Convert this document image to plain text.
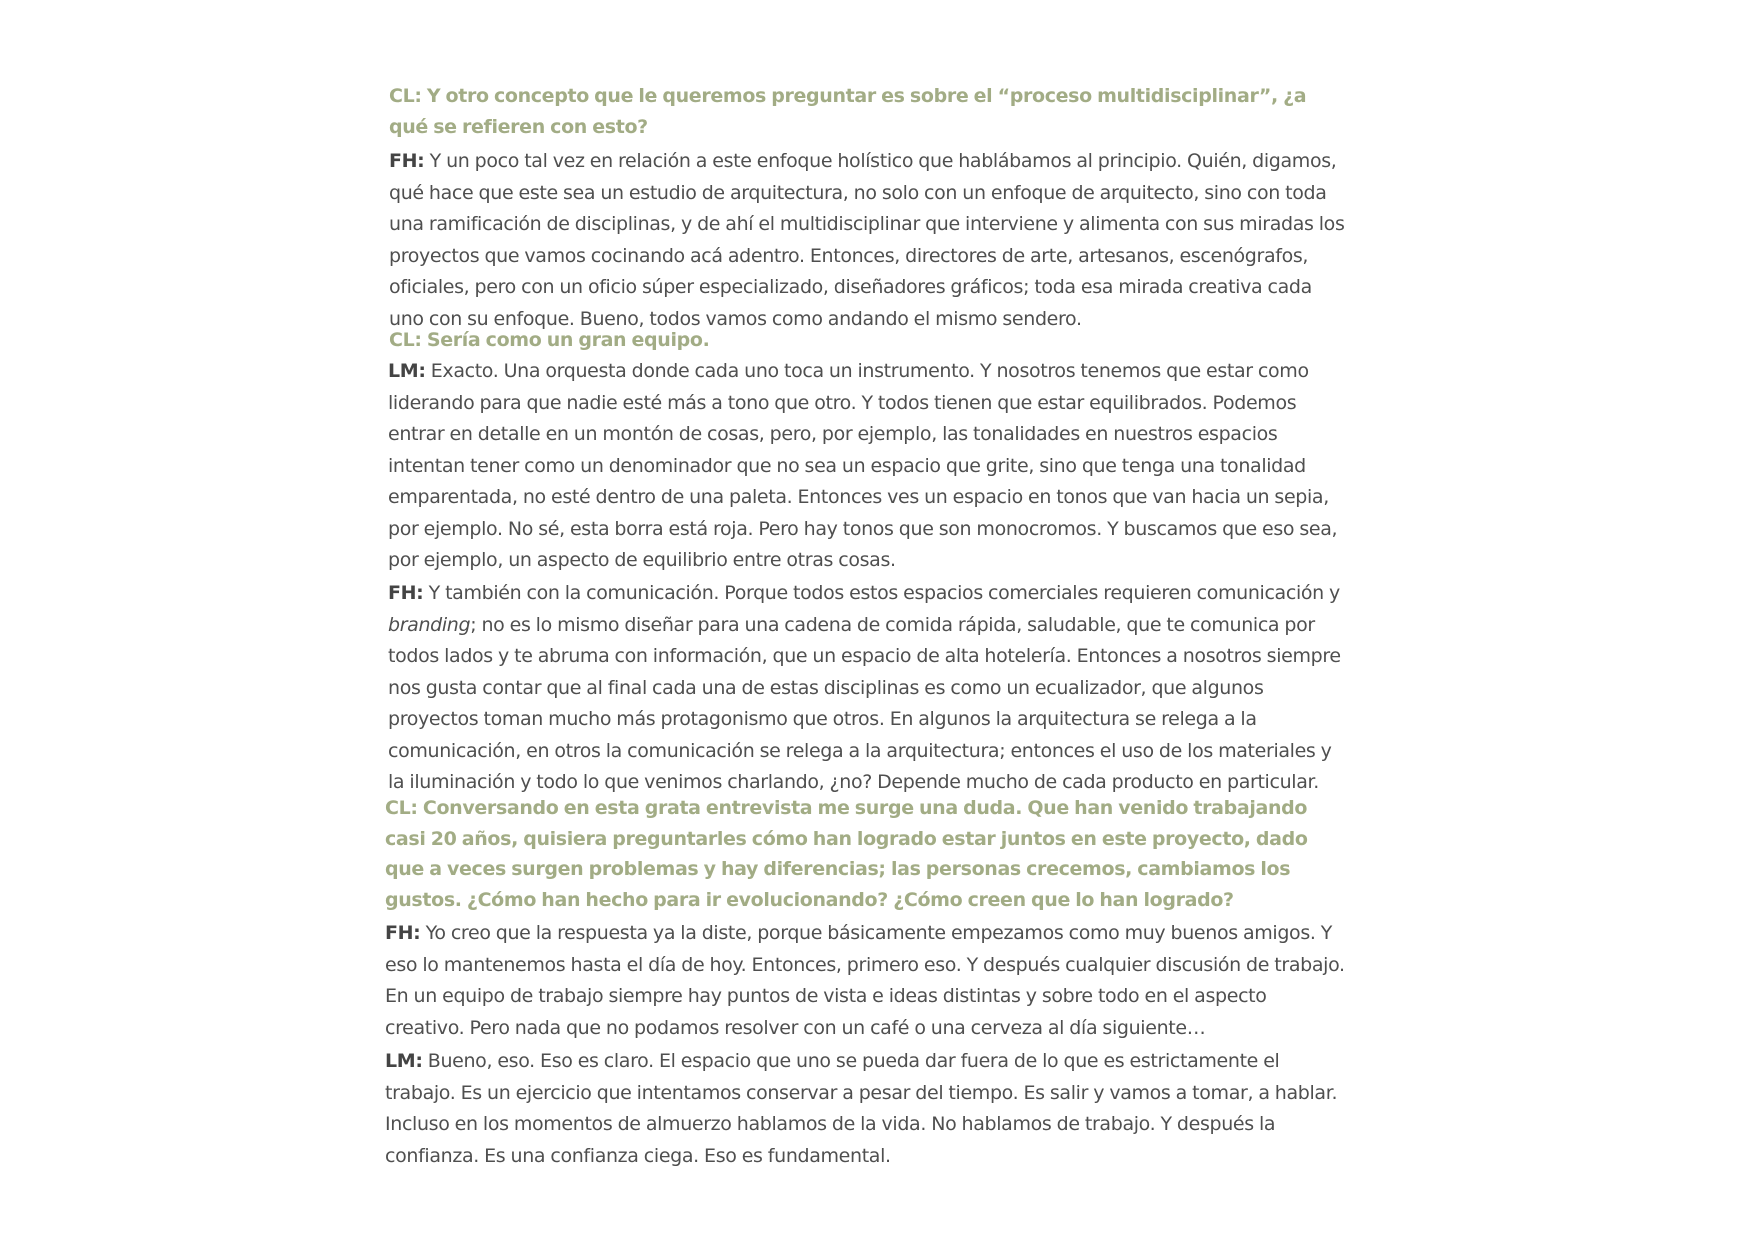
CL: Y otro concepto que le queremos preguntar es sobre el “proceso multidisciplinar”, ¿a qué se refieren con esto?

FH: Y un poco tal vez en relación a este enfoque holístico que hablábamos al principio. Quién, digamos, qué hace que este sea un estudio de arquitectura, no solo con un enfoque de arquitecto, sino con toda una ramificación de disciplinas, y de ahí el multidisciplinar que interviene y alimenta con sus miradas los proyectos que vamos cocinando acá adentro. Entonces, directores de arte, artesanos, escenógrafos, oficiales, pero con un oficio súper especializado, diseñadores gráficos; toda esa mirada creativa cada uno con su enfoque. Bueno, todos vamos como andando el mismo sendero.

CL: Sería como un gran equipo.

LM: Exacto. Una orquesta donde cada uno toca un instrumento. Y nosotros tenemos que estar como liderando para que nadie esté más a tono que otro. Y todos tienen que estar equilibrados. Podemos entrar en detalle en un montón de cosas, pero, por ejemplo, las tonalidades en nuestros espacios intentan tener como un denominador que no sea un espacio que grite, sino que tenga una tonalidad emparentada, no esté dentro de una paleta. Entonces ves un espacio en tonos que van hacia un sepia, por ejemplo. No sé, esta borra está roja. Pero hay tonos que son monocromos. Y buscamos que eso sea, por ejemplo, un aspecto de equilibrio entre otras cosas.

FH: Y también con la comunicación. Porque todos estos espacios comerciales requieren comunicación y branding; no es lo mismo diseñar para una cadena de comida rápida, saludable, que te comunica por todos lados y te abruma con información, que un espacio de alta hotelería. Entonces a nosotros siempre nos gusta contar que al final cada una de estas disciplinas es como un ecualizador, que algunos proyectos toman mucho más protagonismo que otros. En algunos la arquitectura se relega a la comunicación, en otros la comunicación se relega a la arquitectura; entonces el uso de los materiales y la iluminación y todo lo que venimos charlando, ¿no? Depende mucho de cada producto en particular.

CL: Conversando en esta grata entrevista me surge una duda. Que han venido trabajando casi 20 años, quisiera preguntarles cómo han logrado estar juntos en este proyecto, dado que a veces surgen problemas y hay diferencias; las personas crecemos, cambiamos los gustos. ¿Cómo han hecho para ir evolucionando? ¿Cómo creen que lo han logrado?

FH: Yo creo que la respuesta ya la diste, porque básicamente empezamos como muy buenos amigos. Y eso lo mantenemos hasta el día de hoy. Entonces, primero eso. Y después cualquier discusión de trabajo. En un equipo de trabajo siempre hay puntos de vista e ideas distintas y sobre todo en el aspecto creativo. Pero nada que no podamos resolver con un café o una cerveza al día siguiente…

LM: Bueno, eso. Eso es claro. El espacio que uno se pueda dar fuera de lo que es estrictamente el trabajo. Es un ejercicio que intentamos conservar a pesar del tiempo. Es salir y vamos a tomar, a hablar. Incluso en los momentos de almuerzo hablamos de la vida. No hablamos de trabajo. Y después la confianza. Es una confianza ciega. Eso es fundamental.
